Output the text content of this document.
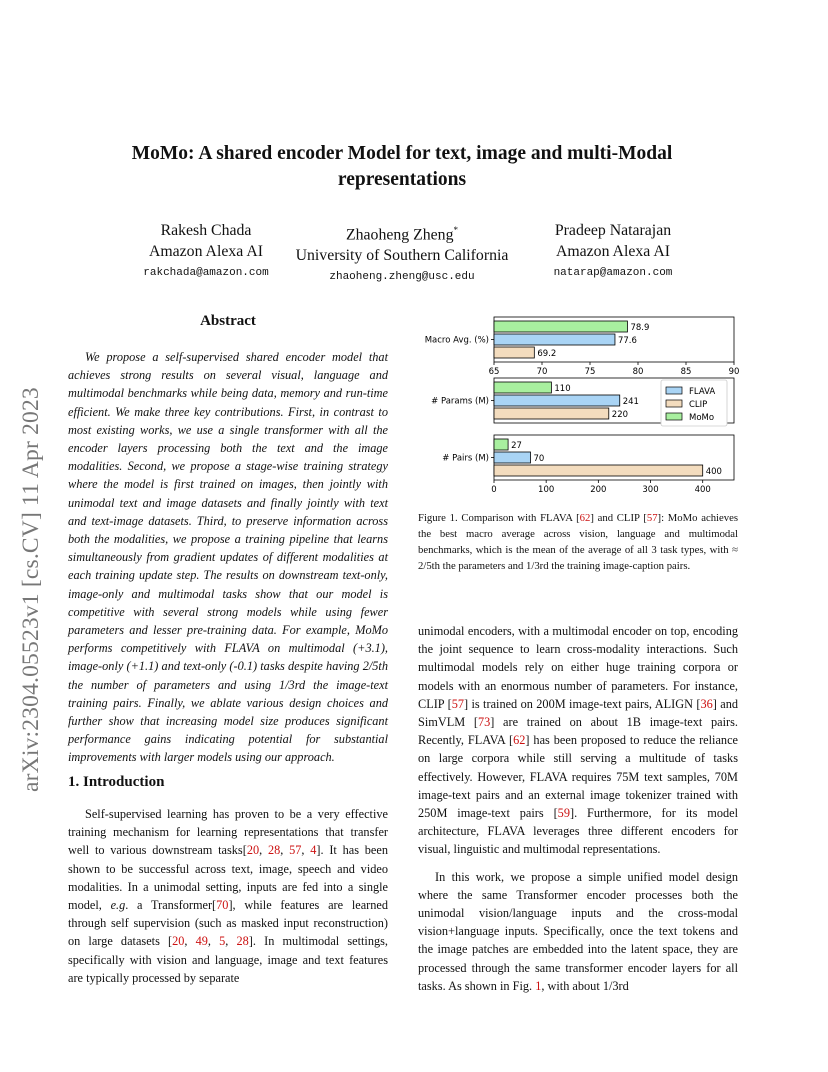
arXiv:2304.05523v1 [cs.CV] 11 Apr 2023
MoMo: A shared encoder Model for text, image and multi-Modal
representations
Rakesh Chada
Amazon Alexa AI
rakchada@amazon.com
Zhaoheng Zheng*
University of Southern California
zhaoheng.zheng@usc.edu
Pradeep Natarajan
Amazon Alexa AI
natarap@amazon.com
Abstract

We propose a self-supervised shared encoder model that achieves strong results on several visual, language and multimodal benchmarks while being data, memory and run-time efficient. We make three key contributions. First, in contrast to most existing works, we use a single transformer with all the encoder layers processing both the text and the image modalities. Second, we propose a stage-wise training strategy where the model is first trained on images, then jointly with unimodal text and image datasets and finally jointly with text and text-image datasets. Third, to preserve information across both the modalities, we propose a training pipeline that learns simultaneously from gradient updates of different modalities at each training update step. The results on downstream text-only, image-only and multimodal tasks show that our model is competitive with several strong models while using fewer parameters and lesser pre-training data. For example, MoMo performs competitively with FLAVA on multimodal (+3.1), image-only (+1.1) and text-only (-0.1) tasks despite having 2/5th the number of parameters and using 1/3rd the image-text training pairs. Finally, we ablate various design choices and further show that increasing model size produces significant performance gains indicating potential for substantial improvements with larger models using our approach.

1. Introduction

Self-supervised learning has proven to be a very effective training mechanism for learning representations that transfer well to various downstream tasks[20, 28, 57, 4]. It has been shown to be successful across text, image, speech and video modalities. In a unimodal setting, inputs are fed into a single model, e.g. a Transformer[70], while features are learned through self supervision (such as masked input reconstruction) on large datasets [20, 49, 5, 28]. In multimodal settings, specifically with vision and language, image and text features are typically processed by separate

Macro Avg. (%)
78.9
77.6
69.2
65	70	75	80	85	90
# Params (M)
110
241
220
FLAVA
CLIP
MoMo
# Pairs (M)
27
70
400
0	100	200	300	400

Figure 1. Comparison with FLAVA [62] and CLIP [57]: MoMo achieves the best macro average across vision, language and multimodal benchmarks, which is the mean of the average of all 3 task types, with ≈ 2/5th the parameters and 1/3rd the training image-caption pairs.

unimodal encoders, with a multimodal encoder on top, encoding the joint sequence to learn cross-modality interactions. Such multimodal models rely on either huge training corpora or models with an enormous number of parameters. For instance, CLIP [57] is trained on 200M image-text pairs, ALIGN [36] and SimVLM [73] are trained on about 1B image-text pairs. Recently, FLAVA [62] has been proposed to reduce the reliance on large corpora while still serving a multitude of tasks effectively. However, FLAVA requires 75M text samples, 70M image-text pairs and an external image tokenizer trained with 250M image-text pairs [59]. Furthermore, for its model architecture, FLAVA leverages three different encoders for visual, linguistic and multimodal representations.

In this work, we propose a simple unified model design where the same Transformer encoder processes both the unimodal vision/language inputs and the cross-modal vision+language inputs. Specifically, once the text tokens and the image patches are embedded into the latent space, they are processed through the same transformer encoder layers for all tasks. As shown in Fig. 1, with about 1/3rd
